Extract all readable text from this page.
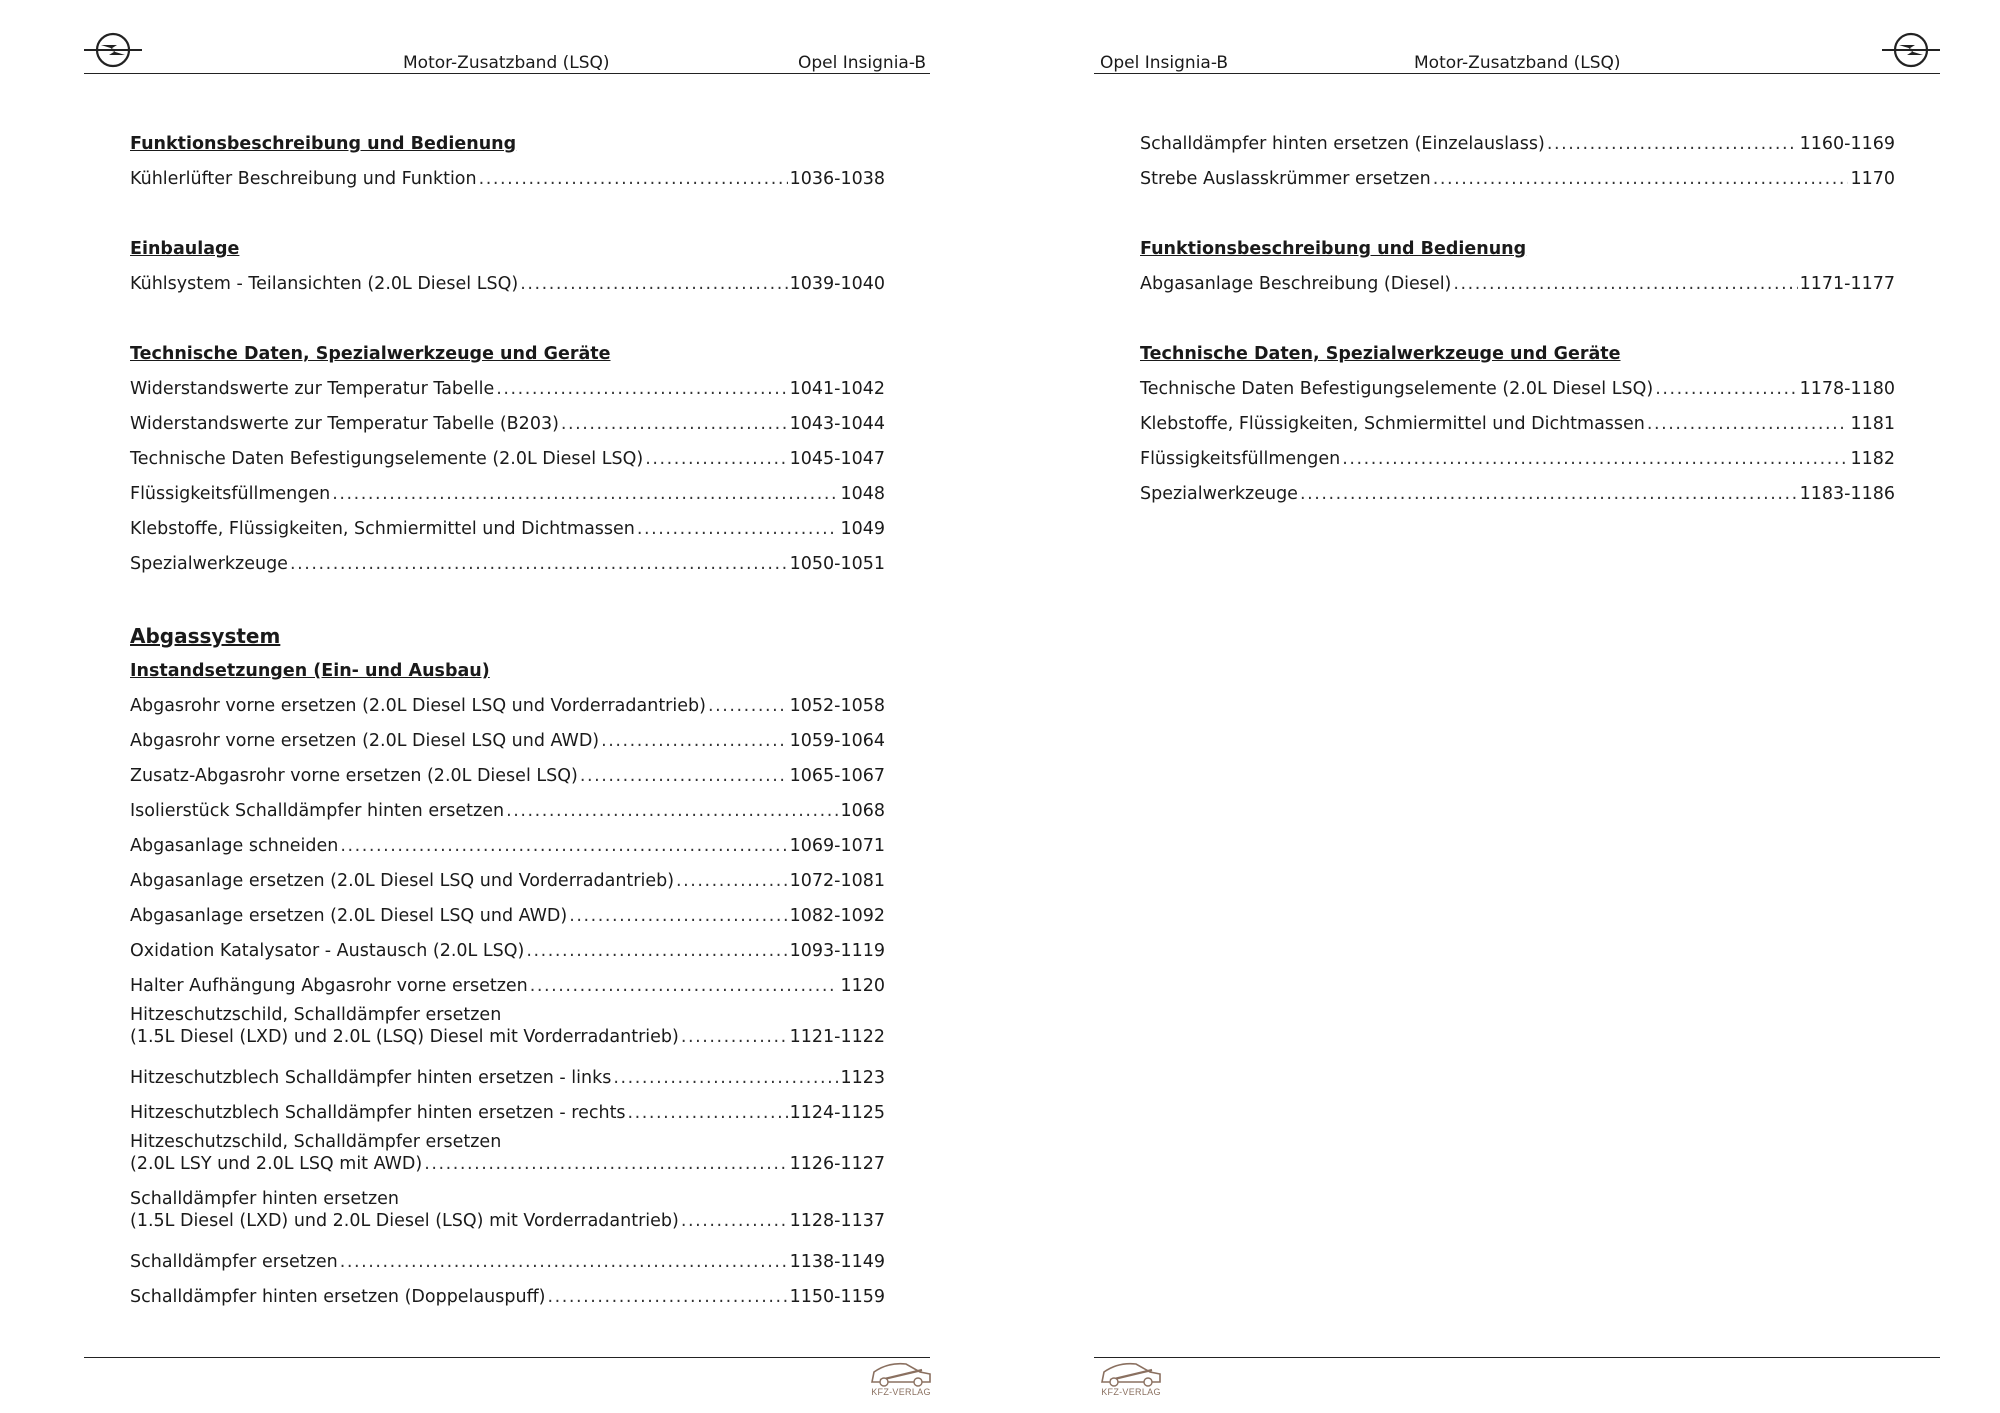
Motor-Zusatzband (LSQ)	Opel Insignia-B
Funktionsbeschreibung und Bedienung
Kühlerlüfter Beschreibung und Funktion . . .	1036-1038
Einbaulage
Kühlsystem - Teilansichten (2.0L Diesel LSQ) . . .	1039-1040
Technische Daten, Spezialwerkzeuge und Geräte
Widerstandswerte zur Temperatur Tabelle . . .	1041-1042
Widerstandswerte zur Temperatur Tabelle (B203) . . .	1043-1044
Technische Daten Befestigungselemente (2.0L Diesel LSQ) . . .	1045-1047
Flüssigkeitsfüllmengen . . .	1048
Klebstoffe, Flüssigkeiten, Schmiermittel und Dichtmassen . . .	1049
Spezialwerkzeuge . . .	1050-1051
Abgassystem
Instandsetzungen (Ein- und Ausbau)
Abgasrohr vorne ersetzen (2.0L Diesel LSQ und Vorderradantrieb) . . .	1052-1058
Abgasrohr vorne ersetzen (2.0L Diesel LSQ und AWD) . . .	1059-1064
Zusatz-Abgasrohr vorne ersetzen (2.0L Diesel LSQ) . . .	1065-1067
Isolierstück Schalldämpfer hinten ersetzen . . .	1068
Abgasanlage schneiden . . .	1069-1071
Abgasanlage ersetzen (2.0L Diesel LSQ und Vorderradantrieb) . . .	1072-1081
Abgasanlage ersetzen (2.0L Diesel LSQ und AWD) . . .	1082-1092
Oxidation Katalysator - Austausch (2.0L LSQ) . . .	1093-1119
Halter Aufhängung Abgasrohr vorne ersetzen . . .	1120
Hitzeschutzschild, Schalldämpfer ersetzen
(1.5L Diesel (LXD) und 2.0L (LSQ) Diesel mit Vorderradantrieb) . . .	1121-1122
Hitzeschutzblech Schalldämpfer hinten ersetzen - links . . .	1123
Hitzeschutzblech Schalldämpfer hinten ersetzen - rechts . . .	1124-1125
Hitzeschutzschild, Schalldämpfer ersetzen
(2.0L LSY und 2.0L LSQ mit AWD) . . .	1126-1127
Schalldämpfer hinten ersetzen
(1.5L Diesel (LXD) und 2.0L Diesel (LSQ) mit Vorderradantrieb) . . .	1128-1137
Schalldämpfer ersetzen . . .	1138-1149
Schalldämpfer hinten ersetzen (Doppelauspuff) . . .	1150-1159
KFZ-VERLAG
Opel Insignia-B	Motor-Zusatzband (LSQ)
Schalldämpfer hinten ersetzen (Einzelauslass) . . .	1160-1169
Strebe Auslasskrümmer ersetzen . . .	1170
Funktionsbeschreibung und Bedienung
Abgasanlage Beschreibung (Diesel) . . .	1171-1177
Technische Daten, Spezialwerkzeuge und Geräte
Technische Daten Befestigungselemente (2.0L Diesel LSQ) . . .	1178-1180
Klebstoffe, Flüssigkeiten, Schmiermittel und Dichtmassen . . .	1181
Flüssigkeitsfüllmengen . . .	1182
Spezialwerkzeuge . . .	1183-1186
KFZ-VERLAG
